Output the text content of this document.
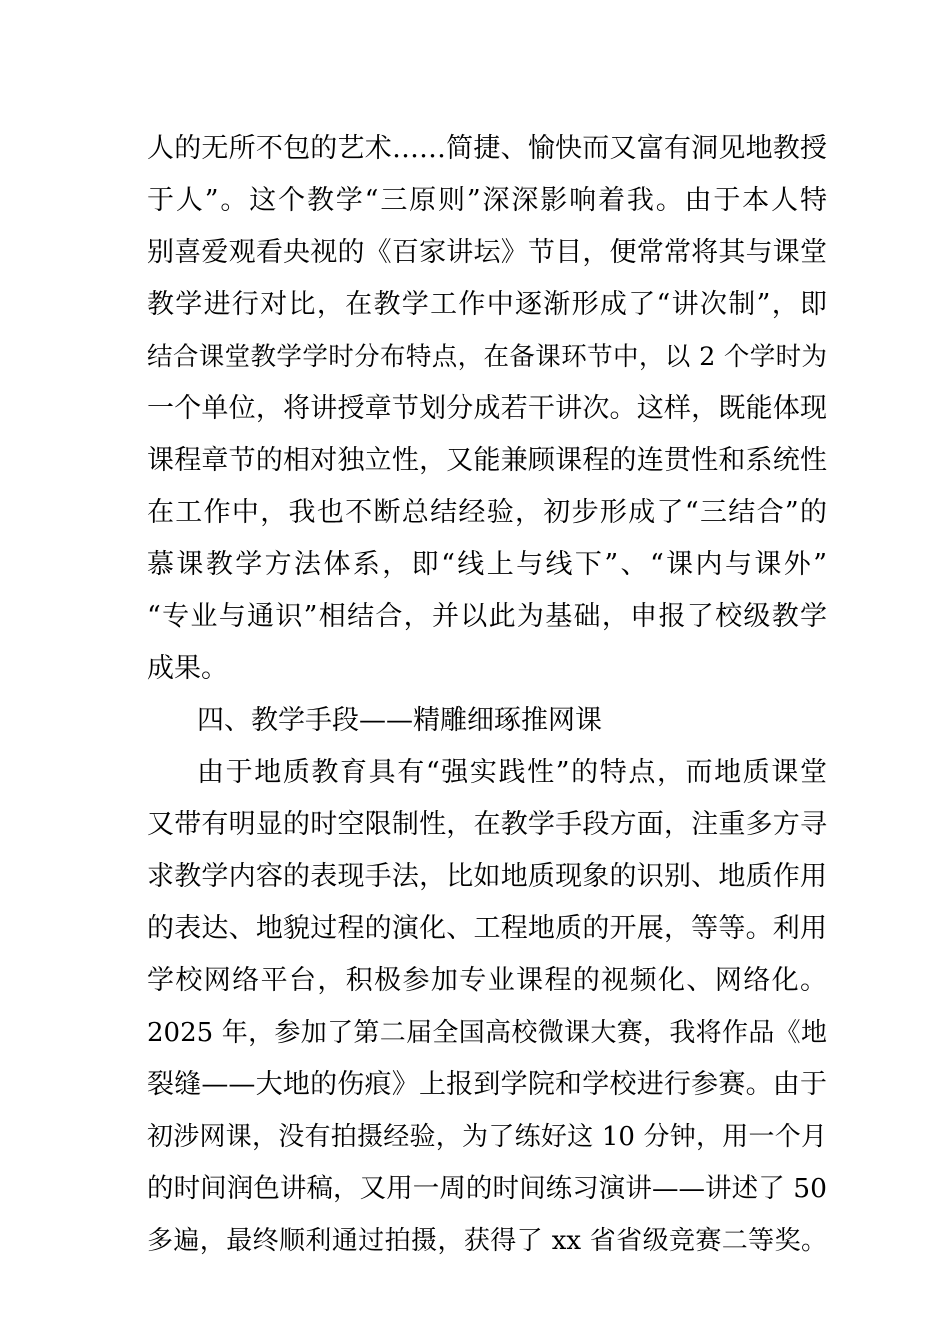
人的无所不包的艺术……简捷、愉快而又富有洞见地教授
于人”。这个教学“三原则”深深影响着我。由于本人特
别喜爱观看央视的《百家讲坛》节目，便常常将其与课堂
教学进行对比，在教学工作中逐渐形成了“讲次制”，即
结合课堂教学学时分布特点，在备课环节中，以 2 个学时为
一个单位，将讲授章节划分成若干讲次。这样，既能体现
课程章节的相对独立性，又能兼顾课程的连贯性和系统性
在工作中，我也不断总结经验，初步形成了“三结合”的
慕课教学方法体系，即“线上与线下”、“课内与课外”
“专业与通识”相结合，并以此为基础，申报了校级教学
成果。
四、教学手段——精雕细琢推网课
由于地质教育具有“强实践性”的特点，而地质课堂
又带有明显的时空限制性，在教学手段方面，注重多方寻
求教学内容的表现手法，比如地质现象的识别、地质作用
的表达、地貌过程的演化、工程地质的开展，等等。利用
学校网络平台，积极参加专业课程的视频化、网络化。
2025 年，参加了第二届全国高校微课大赛，我将作品《地
裂缝——大地的伤痕》上报到学院和学校进行参赛。由于
初涉网课，没有拍摄经验，为了练好这 10 分钟，用一个月
的时间润色讲稿，又用一周的时间练习演讲——讲述了 50
多遍，最终顺利通过拍摄，获得了 xx 省省级竞赛二等奖。
